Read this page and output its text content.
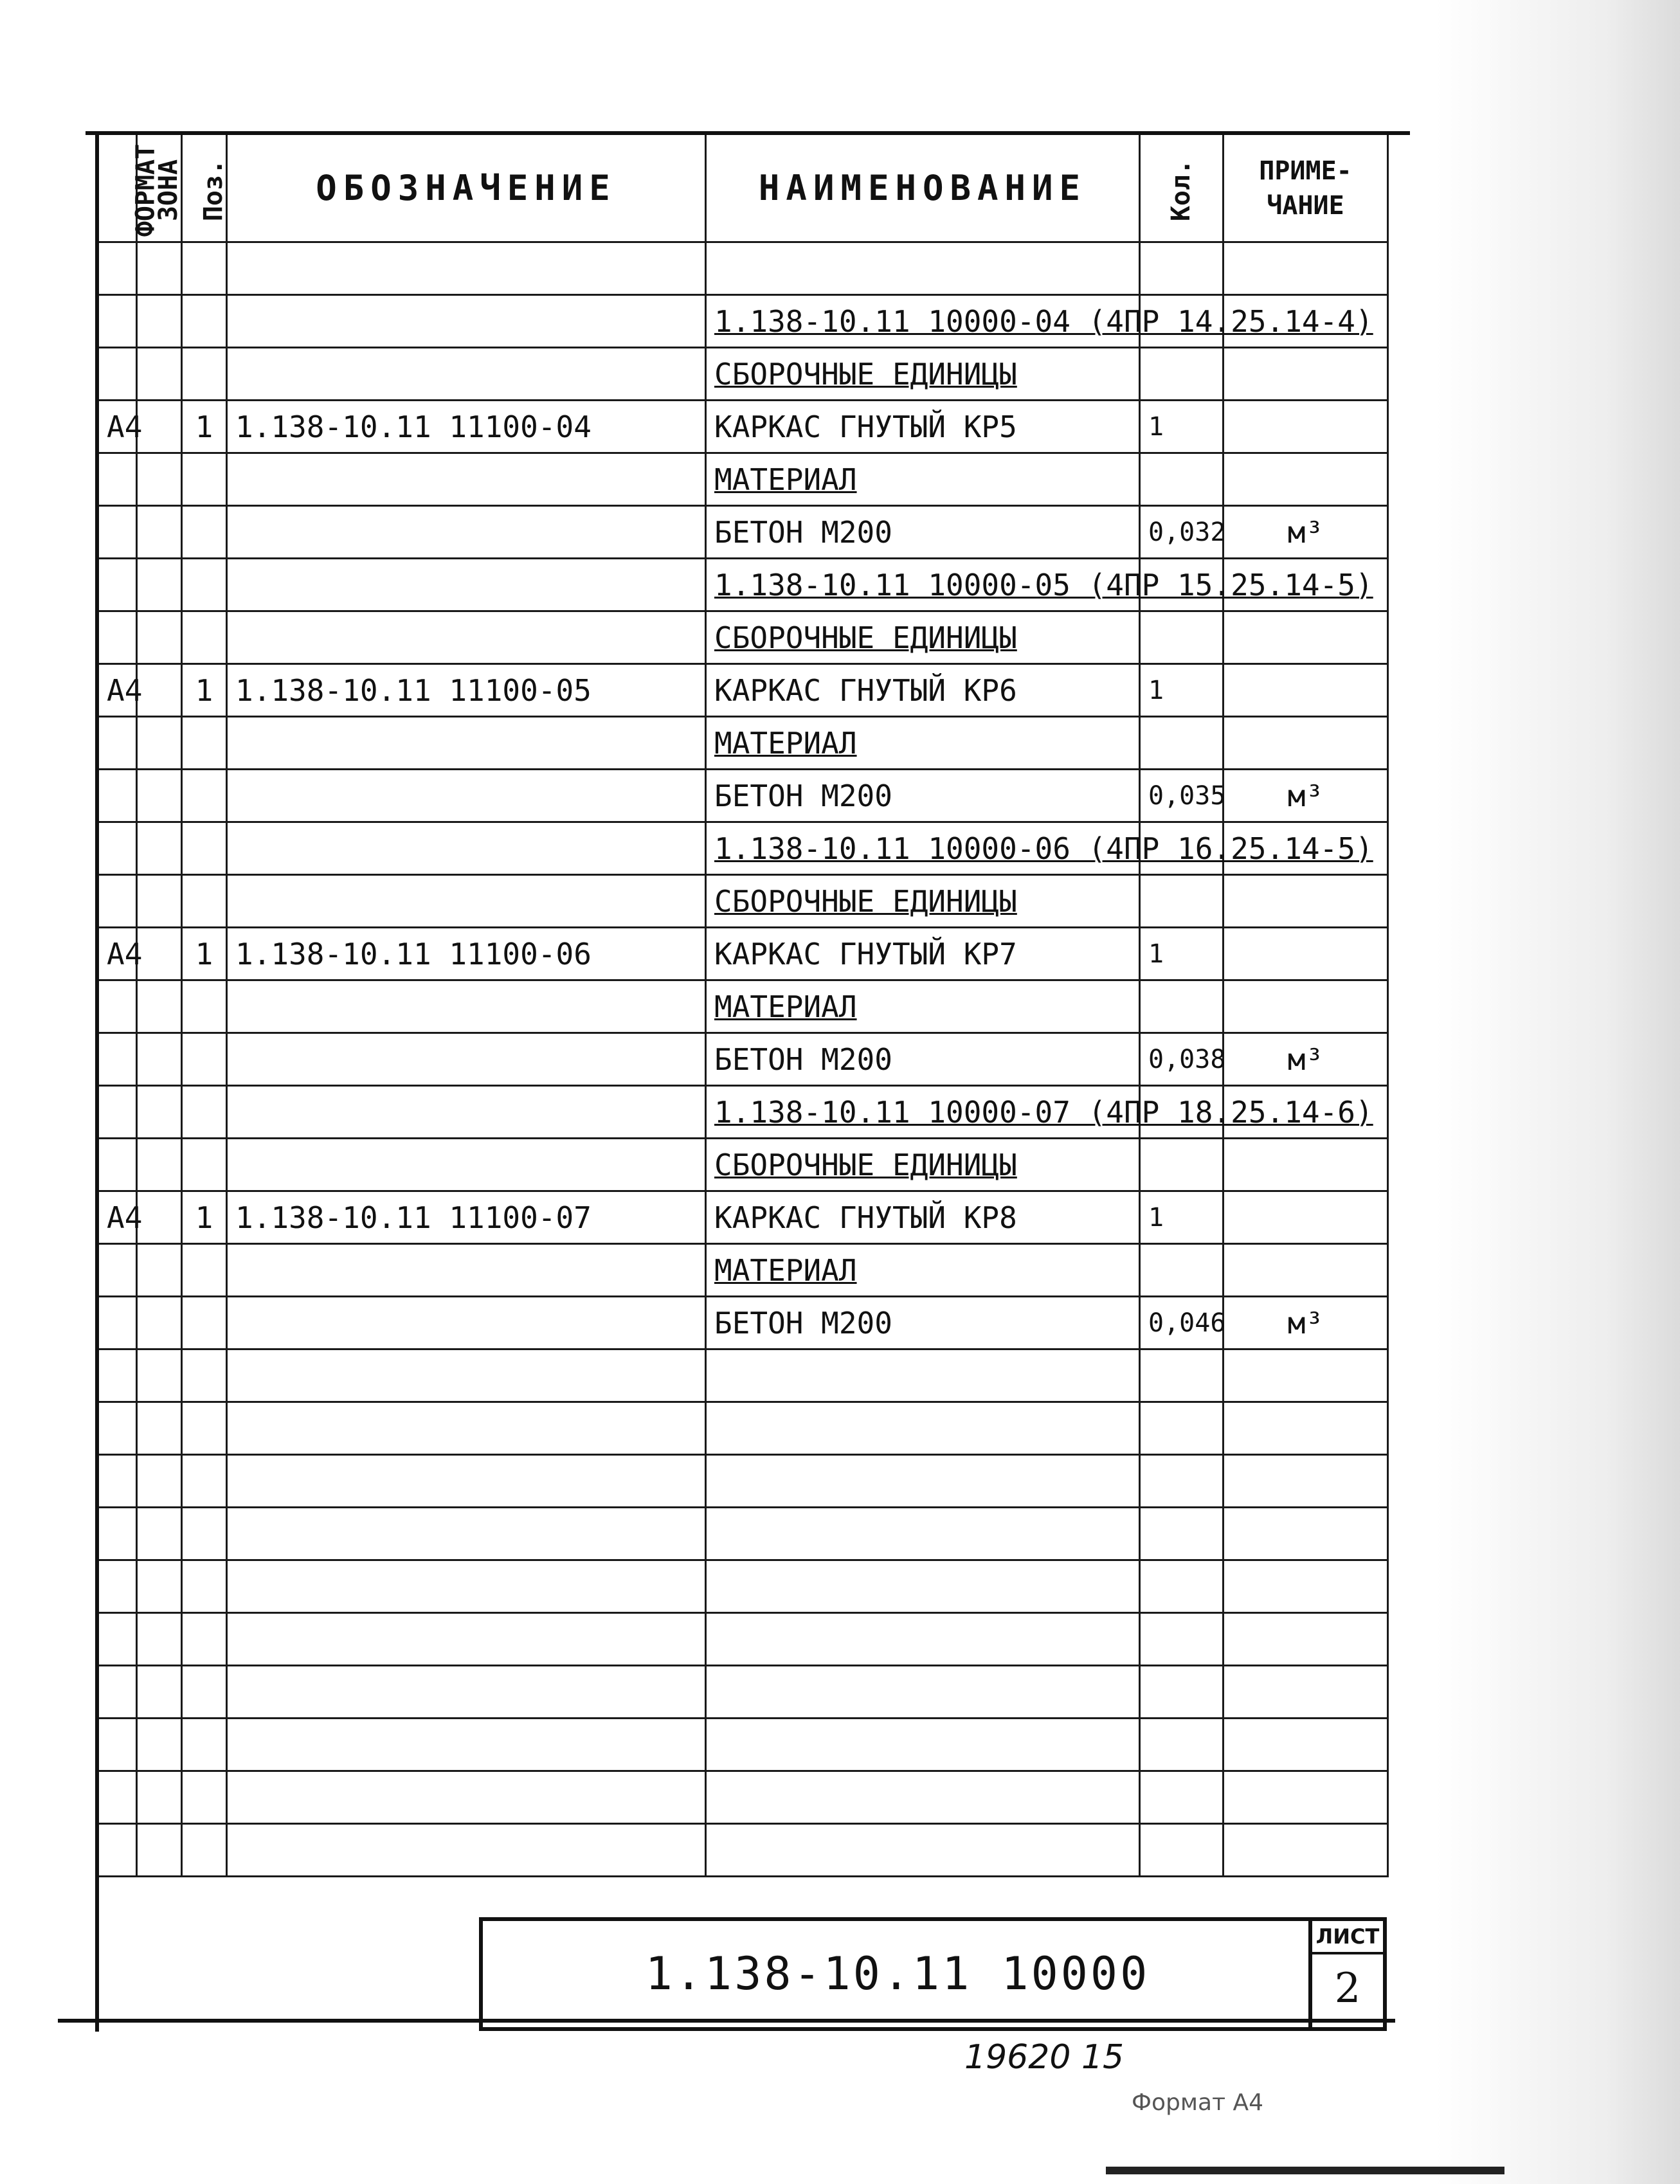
ФОРМАТ	ЗОНА	Поз.	ОБОЗНАЧЕНИЕ	НАИМЕНОВАНИЕ	Кол.	ПРИМЕ-ЧАНИЕ

				1.138-10.11 10000-04 (4ПР 14.25.14-4)		
				СБОРОЧНЫЕ ЕДИНИЦЫ		
А4		1	1.138-10.11 11100-04	КАРКАС ГНУТЫЙ КР5	1	
				МАТЕРИАЛ		
				БЕТОН М200	0,032	м³
				1.138-10.11 10000-05 (4ПР 15.25.14-5)		
				СБОРОЧНЫЕ ЕДИНИЦЫ		
А4		1	1.138-10.11 11100-05	КАРКАС ГНУТЫЙ КР6	1	
				МАТЕРИАЛ		
				БЕТОН М200	0,035	м³
				1.138-10.11 10000-06 (4ПР 16.25.14-5)		
				СБОРОЧНЫЕ ЕДИНИЦЫ		
А4		1	1.138-10.11 11100-06	КАРКАС ГНУТЫЙ КР7	1	
				МАТЕРИАЛ		
				БЕТОН М200	0,038	м³
				1.138-10.11 10000-07 (4ПР 18.25.14-6)		
				СБОРОЧНЫЕ ЕДИНИЦЫ		
А4		1	1.138-10.11 11100-07	КАРКАС ГНУТЫЙ КР8	1	
				МАТЕРИАЛ		
				БЕТОН М200	0,046	м³

1.138-10.11 10000
ЛИСТ
2
19620 15
Формат А4
